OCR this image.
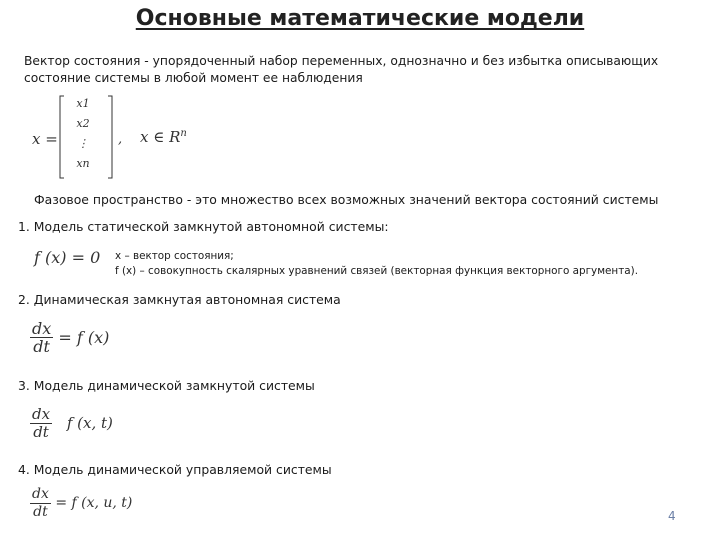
Основные математические модели
Вектор состояния - упорядоченный набор переменных, однозначно и без избытка описывающих состояние системы в любой момент ее наблюдения
x =
x1
x2
⋮
xn
, x ∈ $R^n$
Фазовое пространство - это множество всех возможных значений вектора состояний системы
1. Модель статической замкнутой автономной системы:
f (x) = 0 x – вектор состояния;
f (x) – совокупность скалярных уравнений связей (векторная функция векторного аргумента).
2. Динамическая замкнутая автономная система
$\frac{dx}{dt} = f$ (x)
3. Модель динамической замкнутой системы
$\frac{dx}{dt}$ f (x, t)
4. Модель динамической управляемой системы
$\frac{dx}{dt} = f$ (x, u, t)
4
